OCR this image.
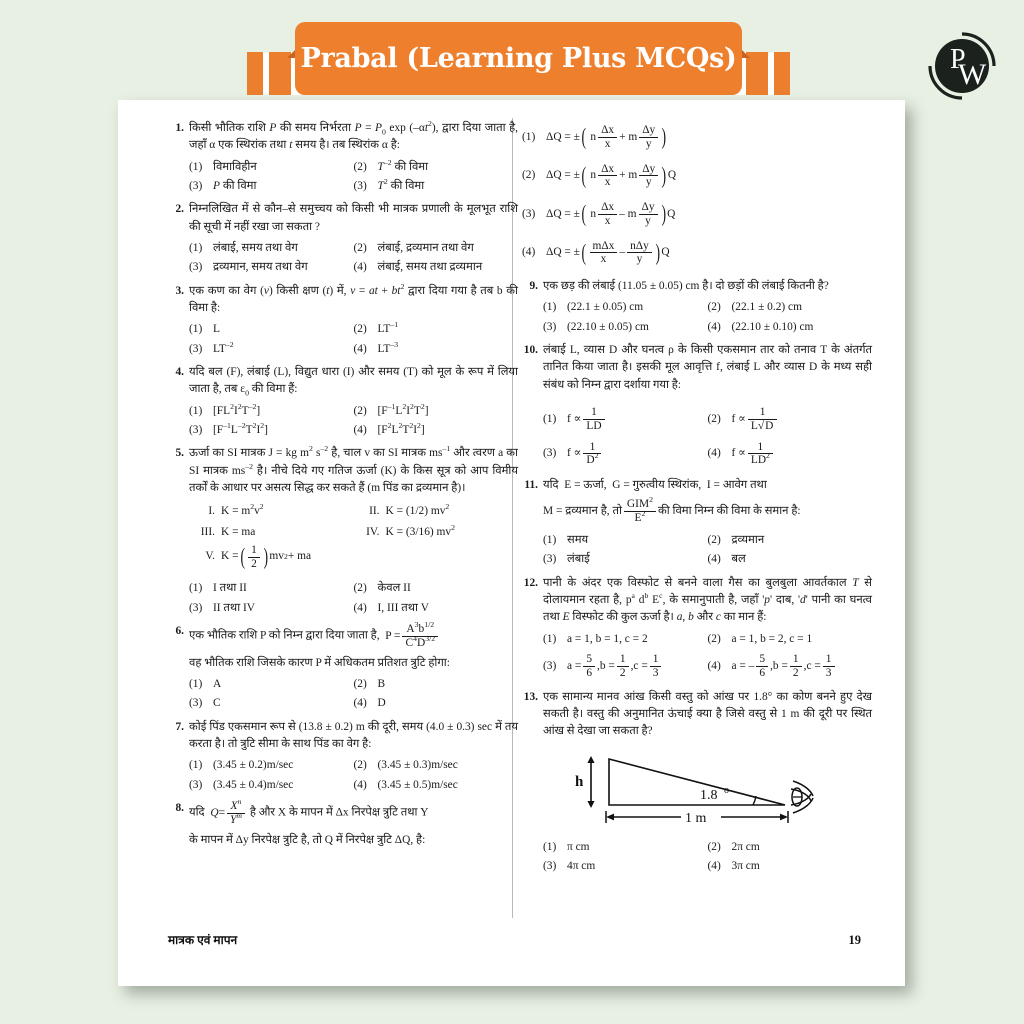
Prabal (Learning Plus MCQs)	P
W
1. किसी भौतिक राशि P की समय निर्भरता $P = P_0$ $\exp (-\alpha t^2)$, द्वारा दिया जाता है, जहाँ α एक स्थिरांक तथा t समय है। तब स्थिरांक α है:
(1) विमाविहीन	(2) $T^{-2}$ की विमा
(3) P की विमा	(3) $T^2$ की विमा
2. निम्नलिखित में से कौन–से समुच्चय को किसी भी मात्रक प्रणाली के मूलभूत राशि की सूची में नहीं रखा जा सकता ?
(1) लंबाई, समय तथा वेग	(2) लंबाई, द्रव्यमान तथा वेग
(3) द्रव्यमान, समय तथा वेग	(4) लंबाई, समय तथा द्रव्यमान
3. एक कण का वेग (v) किसी क्षण (t) में, v = at + $bt^2$ द्वारा दिया गया है तब b की विमा है:
(1) L	(2) $LT^{-1}$
(3) $LT^{-2}$	(4) $LT^{-3}$
4. यदि बल (F), लंबाई (L), विद्युत धारा (I) और समय (T) को मूल के रूप में लिया जाता है, तब $\varepsilon_0$ की विमा हैं:
(1) $[FL^2I^2T^{-2}]$	(2) $[F^{-1}L^2I^2T^2]$
(3) $[F^{-1}L^{-2}T^2I^2]$	(4) $[F^2L^2T^2I^2]$
5. ऊर्जा का SI मात्रक J = kg $m^2$ $s^{-2}$ है, चाल v का SI मात्रक $ms^{-1}$ और त्वरण a का SI मात्रक $ms^{-2}$ है। नीचे दिये गए गतिज ऊर्जा (K) के किस सूत्र को आप विमीय तर्कों के आधार पर असत्य सिद्ध कर सकते हैं (m पिंड का द्रव्यमान है)।
I. $K = m^2v^2$	II. K = (1/2) $mv^2$
III. K = ma	IV. K = (3/16) $mv^2$
V. K = ( $\frac{1}{2}$ ) mv 2 + ma
(1) I तथा II	(2) केवल II
(3) II तथा IV	(4) I, III तथा V
6. एक भौतिक राशि P को निम्न द्वारा दिया जाता है,  $P = \frac{A^3b^{1/2}}{C^4D^{3/2}}$
वह भौतिक राशि जिसके कारण P में अधिकतम प्रतिशत त्रुटि होगा:
(1) A	(2) B
(3) C	(4) D
7. कोई पिंड एकसमान रूप से (13.8 ± 0.2) m की दूरी, समय (4.0 ± 0.3) sec में तय करता है। तो त्रुटि सीमा के साथ पिंड का वेग है:
(1) (3.45 ± 0.2)m/sec	(2) (3.45 ± 0.3)m/sec
(3) (3.45 ± 0.4)m/sec	(4) (3.45 ± 0.5)m/sec
8. यदि $Q = \frac{X^n}{Y^m}$ है और X के मापन में Δx निरपेक्ष त्रुटि तथा Y
के मापन में Δy निरपेक्ष त्रुटि है, तो Q में निरपेक्ष त्रुटि ΔQ, है:
(1) ΔQ = ± ( n $\frac{\Delta x}{x} + m \frac{\Delta y}{y}$ )
(2) ΔQ = ± ( n $\frac{\Delta x}{x} + m \frac{\Delta y}{y}$ ) Q
(3) ΔQ = ± ( n $\frac{\Delta x}{x}$ – m $\frac{\Delta y}{y}$ ) Q
(4) ΔQ = ± ( $\frac{\text{mΔx}}{x} - \frac{\text{nΔy}}{y}$ ) Q
9. एक छड़ की लंबाई (11.05 ± 0.05) cm है। दो छड़ों की लंबाई कितनी है?
(1) (22.1 ± 0.05) cm	(2) (22.1 ± 0.2) cm
(3) (22.10 ± 0.05) cm	(4) (22.10 ± 0.10) cm
10. लंबाई L, व्यास D और घनत्व ρ के किसी एकसमान तार को तनाव T के अंतर्गत तानित किया जाता है। इसकी मूल आवृत्ति f, लंबाई L और व्यास D के मध्य सही संबंध को निम्न द्वारा दर्शाया गया है:
(1) $f \propto \frac{1}{LD}$	(2) $f \propto \frac{1}{L√D}$
(3) $f \propto \frac{1}{D^2}$	(4) $f \propto \frac{1}{LD^2}$
11. यदि  E = ऊर्जा,  G = गुरुत्वीय स्थिरांक,  I = आवेग तथा
M = द्रव्यमान है, तो $\frac{GIM^2}{E^2}$ की विमा निम्न की विमा के समान है:
(1) समय	(2) द्रव्यमान
(3) लंबाई	(4) बल
12. पानी के अंदर एक विस्फोट से बनने वाला गैस का बुलबुला आवर्तकाल T से दोलायमान रहता है, $p^a$ $d^b$ $E^c$, के समानुपाती है, जहाँ 'p' दाब, 'd' पानी का घनत्व तथा E विस्फोट की कुल ऊर्जा है। a, b और c का मान हैं:
(1) a = 1, b = 1, c = 2	(2) a = 1, b = 2, c = 1
(3) $a = \frac{5}{6} ,b = \frac{1}{2} ,c = \frac{1}{3}$	(4) a = – $\frac{5}{6} ,b = \frac{1}{2} ,c = \frac{1}{3}$
13. एक सामान्य मानव आंख किसी वस्तु को आंख पर 1.8° का कोण बनने हुए देख सकती है। वस्तु की अनुमानित ऊंचाई क्या है जिसे वस्तु से 1 m की दूरी पर स्थित आंख से देखा जा सकता है?
h
1.8 o
1 m
(1) π cm	(2) 2π cm
(3) 4π cm	(4) 3π cm
मात्रक एवं मापन	19
